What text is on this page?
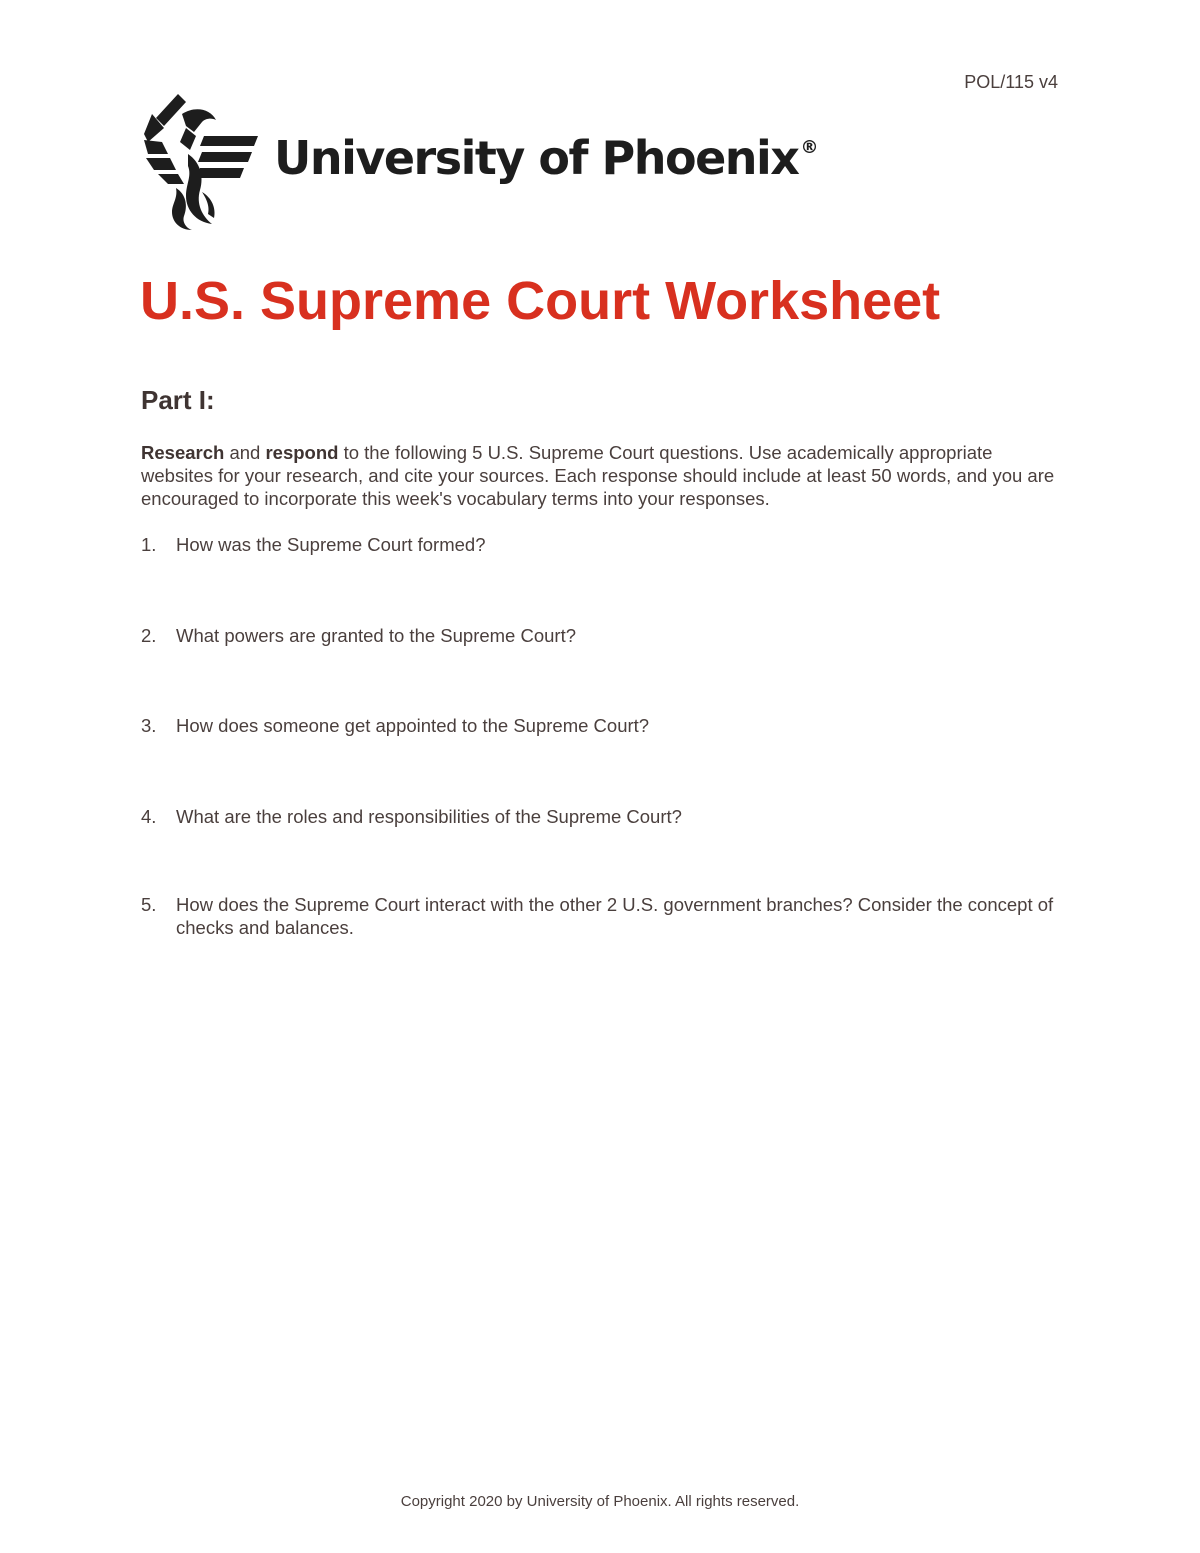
POL/115 v4
University of Phoenix ®
U.S. Supreme Court Worksheet
Part I:

Research and respond to the following 5 U.S. Supreme Court questions. Use academically appropriate websites for your research, and cite your sources. Each response should include at least 50 words, and you are encouraged to incorporate this week's vocabulary terms into your responses.

1.	How was the Supreme Court formed?
2.	What powers are granted to the Supreme Court?
3.	How does someone get appointed to the Supreme Court?
4.	What are the roles and responsibilities of the Supreme Court?
5.	How does the Supreme Court interact with the other 2 U.S. government branches? Consider the concept of checks and balances.
Copyright 2020 by University of Phoenix. All rights reserved.
